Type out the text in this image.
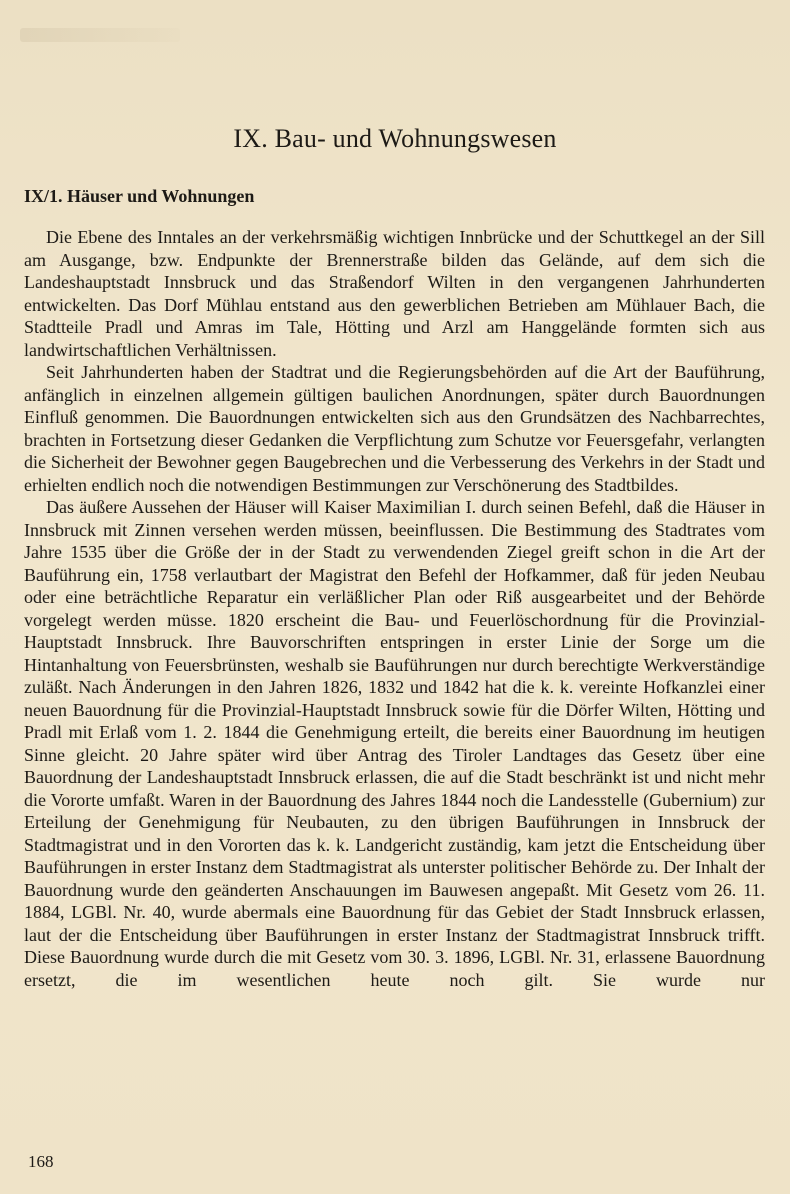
IX. Bau- und Wohnungswesen
IX/1. Häuser und Wohnungen

Die Ebene des Inntales an der verkehrsmäßig wichtigen Innbrücke und der Schuttkegel an der Sill am Ausgange, bzw. Endpunkte der Brennerstraße bilden das Gelände, auf dem sich die Landeshauptstadt Innsbruck und das Straßendorf Wilten in den vergangenen Jahrhunderten entwickelten. Das Dorf Mühlau entstand aus den gewerblichen Betrieben am Mühlauer Bach, die Stadtteile Pradl und Amras im Tale, Hötting und Arzl am Hanggelände formten sich aus landwirtschaftlichen Verhältnissen.

Seit Jahrhunderten haben der Stadtrat und die Regierungsbehörden auf die Art der Bauführung, anfänglich in einzelnen allgemein gültigen baulichen Anordnungen, später durch Bauordnungen Einfluß genommen. Die Bauordnungen entwickelten sich aus den Grundsätzen des Nachbarrechtes, brachten in Fortsetzung dieser Gedanken die Verpflichtung zum Schutze vor Feuersgefahr, verlangten die Sicherheit der Bewohner gegen Baugebrechen und die Verbesserung des Verkehrs in der Stadt und erhielten endlich noch die notwendigen Bestimmungen zur Verschönerung des Stadtbildes.

Das äußere Aussehen der Häuser will Kaiser Maximilian I. durch seinen Befehl, daß die Häuser in Innsbruck mit Zinnen versehen werden müssen, beeinflussen. Die Bestimmung des Stadtrates vom Jahre 1535 über die Größe der in der Stadt zu verwendenden Ziegel greift schon in die Art der Bauführung ein, 1758 verlautbart der Magistrat den Befehl der Hofkammer, daß für jeden Neubau oder eine beträchtliche Reparatur ein verläßlicher Plan oder Riß ausgearbeitet und der Behörde vorgelegt werden müsse. 1820 erscheint die Bau- und Feuerlöschordnung für die Provinzial-Hauptstadt Innsbruck. Ihre Bauvorschriften entspringen in erster Linie der Sorge um die Hintanhaltung von Feuersbrünsten, weshalb sie Bauführungen nur durch berechtigte Werkverständige zuläßt. Nach Änderungen in den Jahren 1826, 1832 und 1842 hat die k. k. vereinte Hofkanzlei einer neuen Bauordnung für die Provinzial-Hauptstadt Innsbruck sowie für die Dörfer Wilten, Hötting und Pradl mit Erlaß vom 1. 2. 1844 die Genehmigung erteilt, die bereits einer Bauordnung im heutigen Sinne gleicht. 20 Jahre später wird über Antrag des Tiroler Landtages das Gesetz über eine Bauordnung der Landeshauptstadt Innsbruck erlassen, die auf die Stadt beschränkt ist und nicht mehr die Vororte umfaßt. Waren in der Bauordnung des Jahres 1844 noch die Landesstelle (Gubernium) zur Erteilung der Genehmigung für Neubauten, zu den übrigen Bauführungen in Innsbruck der Stadtmagistrat und in den Vororten das k. k. Landgericht zuständig, kam jetzt die Entscheidung über Bauführungen in erster Instanz dem Stadtmagistrat als unterster politischer Behörde zu. Der Inhalt der Bauordnung wurde den geänderten Anschauungen im Bauwesen angepaßt. Mit Gesetz vom 26. 11. 1884, LGBl. Nr. 40, wurde abermals eine Bauordnung für das Gebiet der Stadt Innsbruck erlassen, laut der die Entscheidung über Bauführungen in erster Instanz der Stadtmagistrat Innsbruck trifft. Diese Bauordnung wurde durch die mit Gesetz vom 30. 3. 1896, LGBl. Nr. 31, erlassene Bauordnung ersetzt, die im wesentlichen heute noch gilt. Sie wurde nur

168
